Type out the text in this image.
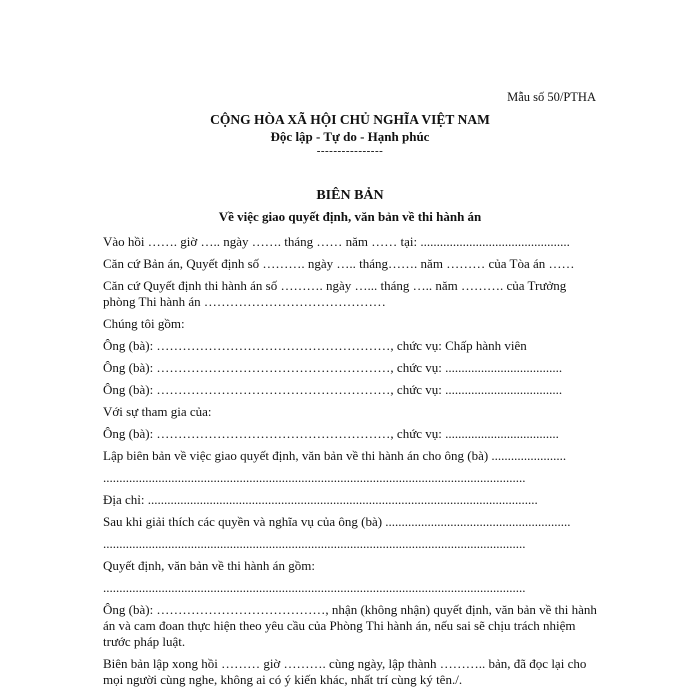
Mẫu số 50/PTHA
CỘNG HÒA XÃ HỘI CHỦ NGHĨA VIỆT NAM
Độc lập - Tự do - Hạnh phúc
----------------
BIÊN BẢN
Về việc giao quyết định, văn bản về thi hành án
Vào hồi ……. giờ ….. ngày ……. tháng …… năm …… tại: ..............................................
Căn cứ Bản án, Quyết định số ………. ngày ….. tháng……. năm ……… của Tòa án ……
Căn cứ Quyết định thi hành án số ………. ngày …... tháng ….. năm ………. của Trưởng
phòng Thi hành án ……………………………………
Chúng tôi gồm:
Ông (bà): ………………………………………………, chức vụ: Chấp hành viên
Ông (bà): ………………………………………………, chức vụ: ....................................
Ông (bà): ………………………………………………, chức vụ: ....................................
Với sự tham gia của:
Ông (bà): ………………………………………………, chức vụ: ...................................
Lập biên bản về việc giao quyết định, văn bản về thi hành án cho ông (bà) .......................
..................................................................................................................................
Địa chỉ: ........................................................................................................................
Sau khi giải thích các quyền và nghĩa vụ của ông (bà) .........................................................
..................................................................................................................................
Quyết định, văn bản về thi hành án gồm:
..................................................................................................................................
Ông (bà): …………………………………, nhận (không nhận) quyết định, văn bản về thi hành án và cam đoan thực hiện theo yêu cầu của Phòng Thi hành án, nếu sai sẽ chịu trách nhiệm trước pháp luật.
Biên bản lập xong hồi ……… giờ ………. cùng ngày, lập thành ……….. bản, đã đọc lại cho mọi người cùng nghe, không ai có ý kiến khác, nhất trí cùng ký tên./.
